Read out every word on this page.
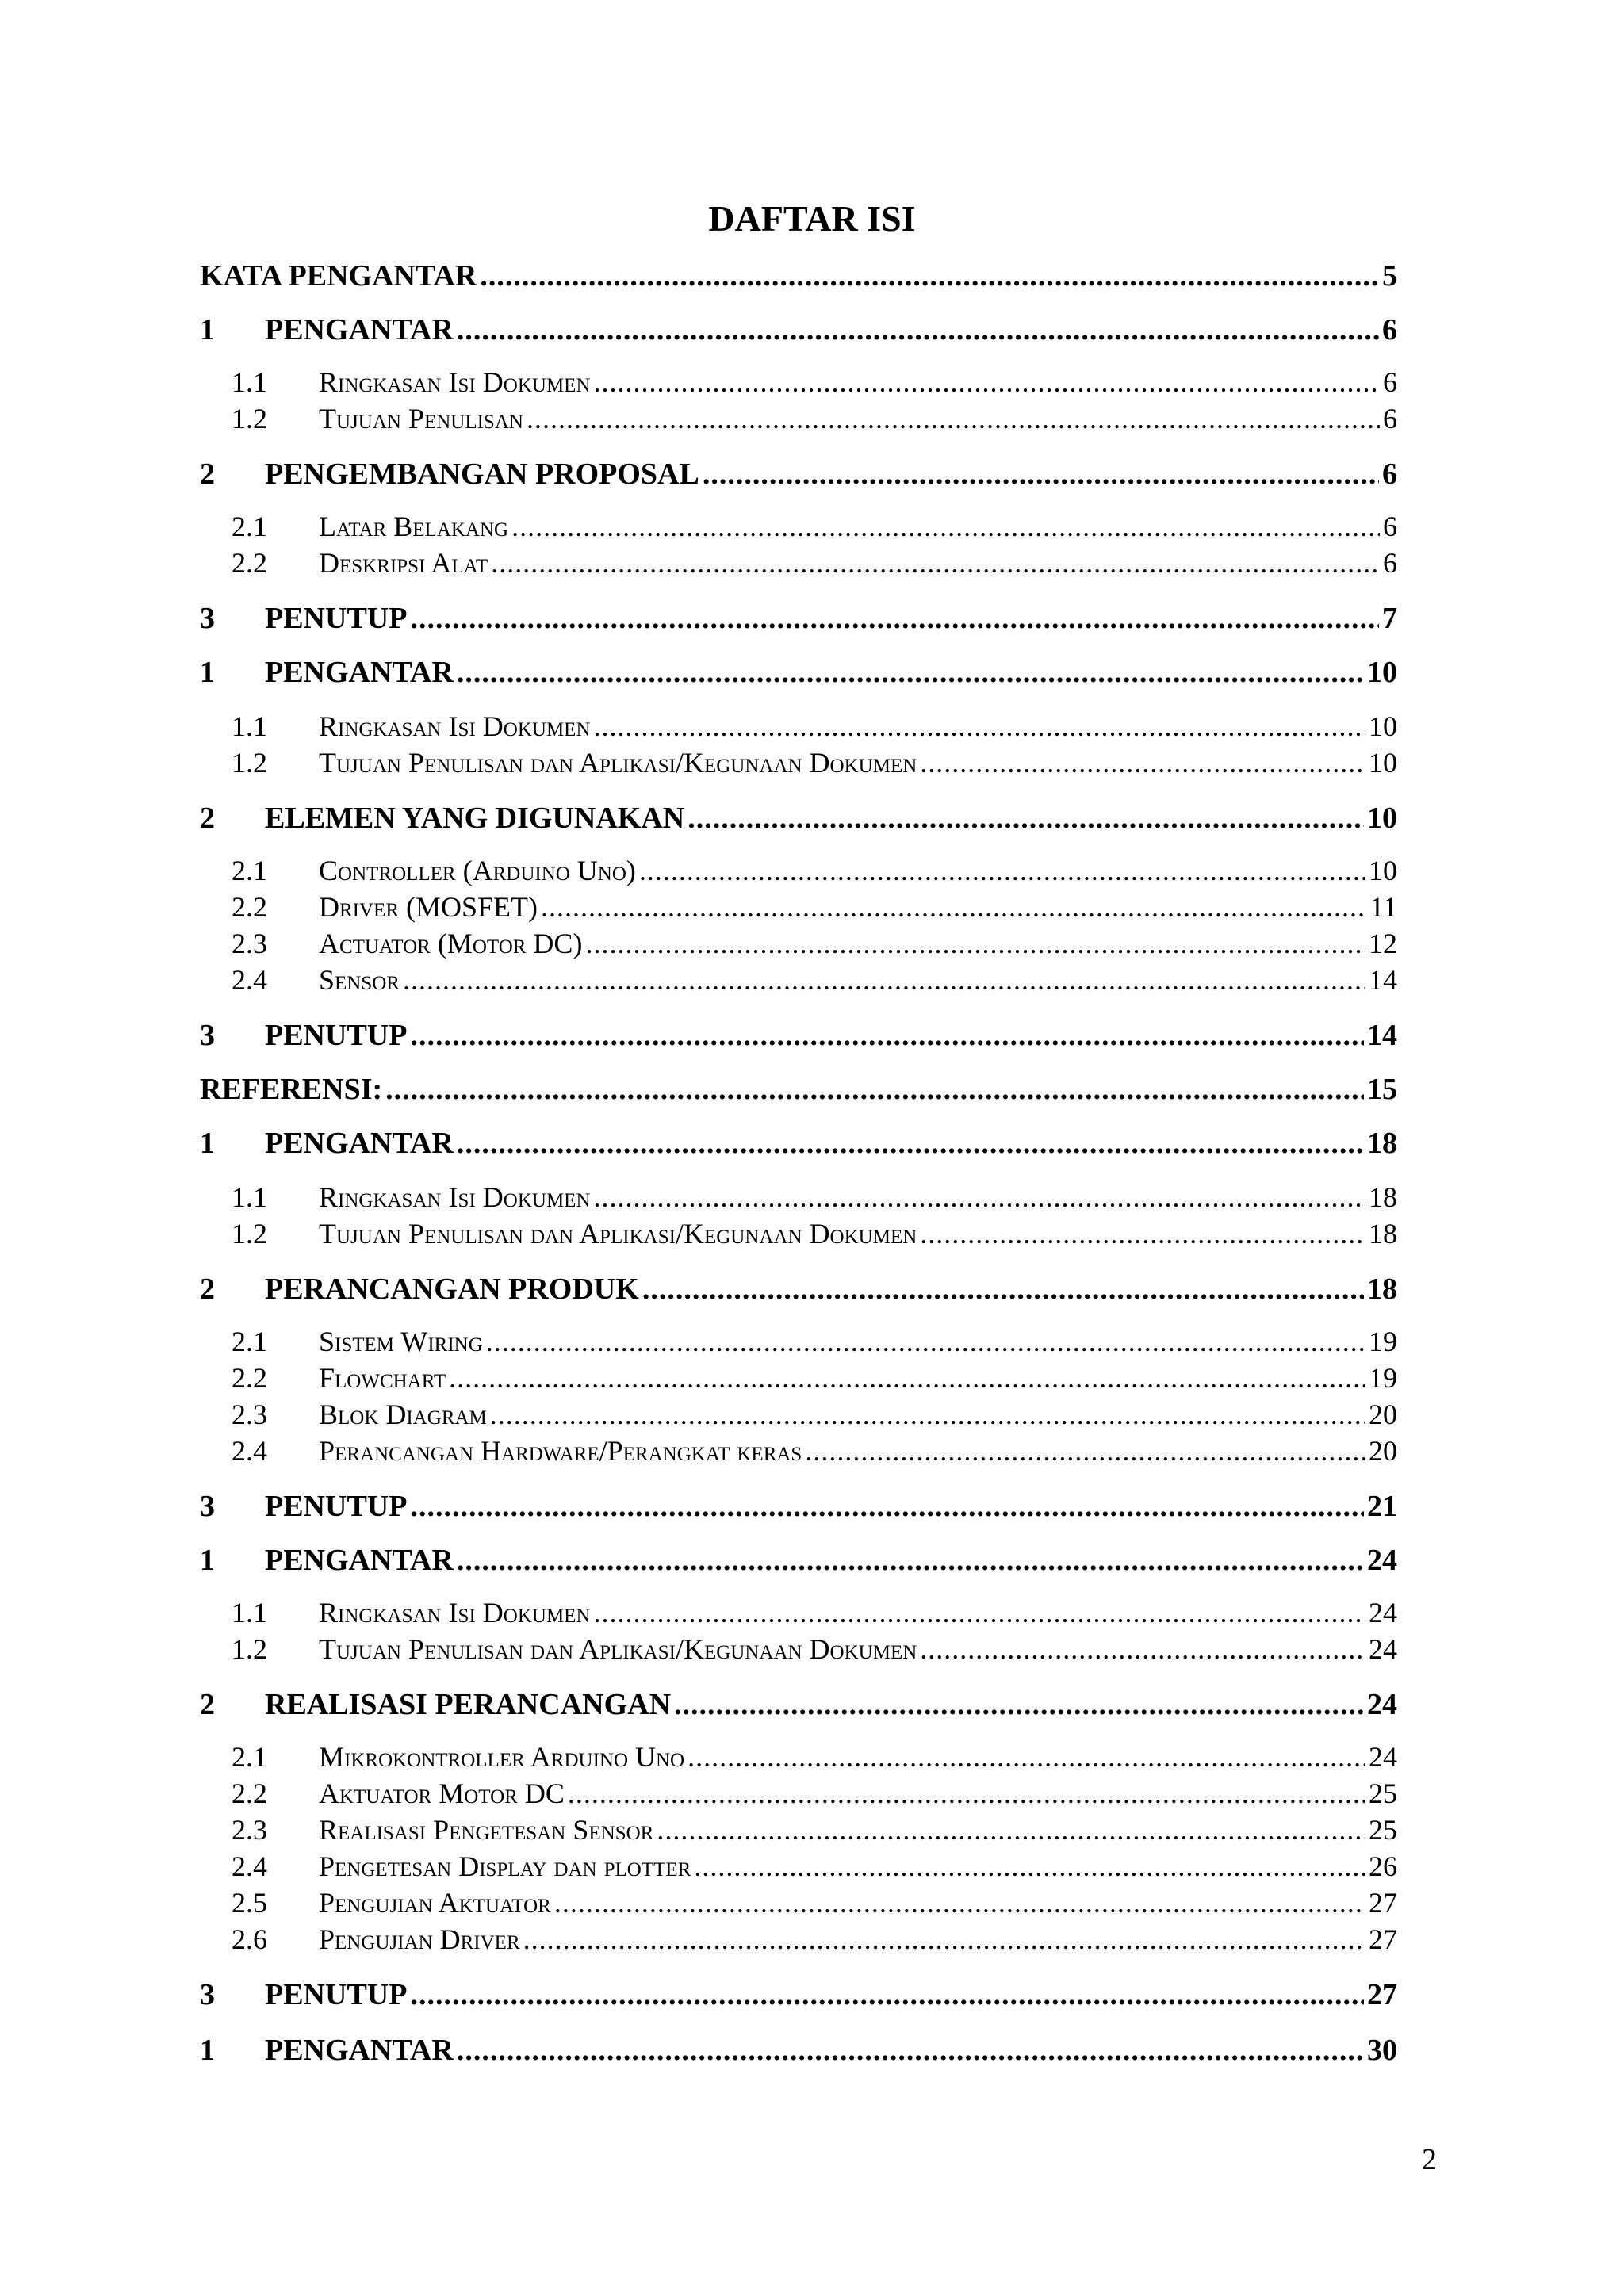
DAFTAR ISI
KATA PENGANTAR .....	5
1	PENGANTAR .....	6
1.1	Ringkasan Isi Dokumen .....	6
1.2	Tujuan Penulisan .....	6
2	PENGEMBANGAN PROPOSAL .....	6
2.1	Latar Belakang .....	6
2.2	Deskripsi Alat .....	6
3	PENUTUP .....	7
1	PENGANTAR .....	10
1.1	Ringkasan Isi Dokumen .....	10
1.2	Tujuan Penulisan dan Aplikasi/Kegunaan Dokumen .....	10
2	ELEMEN YANG DIGUNAKAN .....	10
2.1	Controller (Arduino Uno) .....	10
2.2	Driver (MOSFET) .....	11
2.3	Actuator (Motor DC) .....	12
2.4	Sensor .....	14
3	PENUTUP .....	14
REFERENSI: .....	15
1	PENGANTAR .....	18
1.1	Ringkasan Isi Dokumen .....	18
1.2	Tujuan Penulisan dan Aplikasi/Kegunaan Dokumen .....	18
2	PERANCANGAN PRODUK .....	18
2.1	Sistem Wiring .....	19
2.2	Flowchart .....	19
2.3	Blok Diagram .....	20
2.4	Perancangan Hardware/Perangkat keras .....	20
3	PENUTUP .....	21
1	PENGANTAR .....	24
1.1	Ringkasan Isi Dokumen .....	24
1.2	Tujuan Penulisan dan Aplikasi/Kegunaan Dokumen .....	24
2	REALISASI PERANCANGAN .....	24
2.1	Mikrokontroller Arduino Uno .....	24
2.2	Aktuator Motor DC .....	25
2.3	Realisasi Pengetesan Sensor .....	25
2.4	Pengetesan Display dan plotter .....	26
2.5	Pengujian Aktuator .....	27
2.6	Pengujian Driver .....	27
3	PENUTUP .....	27
1	PENGANTAR .....	30
2
